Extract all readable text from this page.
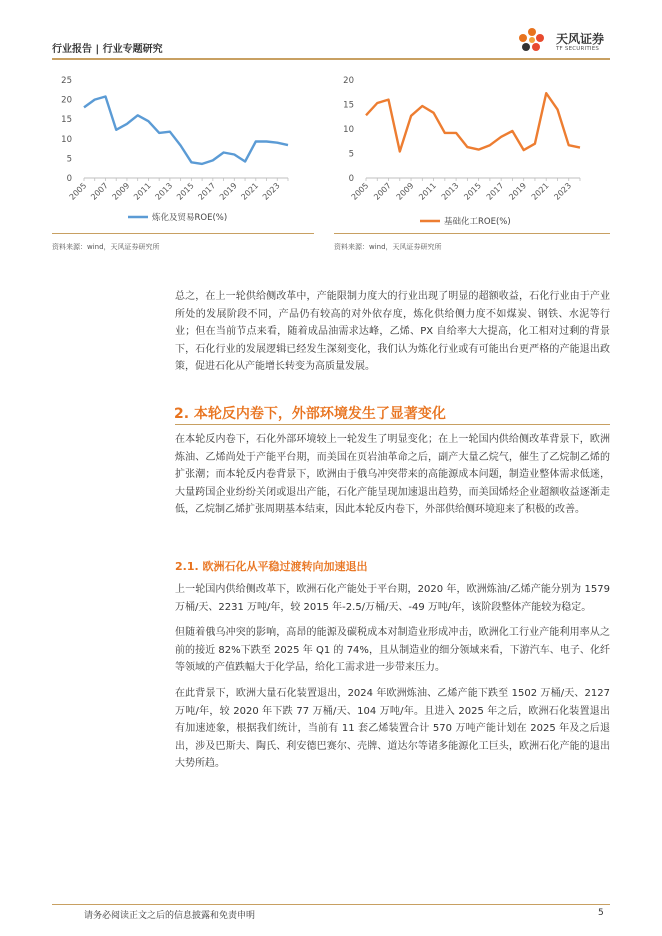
行业报告 | 行业专题研究
天风证券
TF SECURITIES
0
5
10
15
20
25
2005 2007 2009 2011 2013 2015 2017 2019 2021 2023
炼化及贸易ROE(%)
0
5
10
15
20
2005 2007 2009 2011 2013 2015 2017 2019 2021 2023
基础化工ROE(%)
资料来源：wind，天风证券研究所	资料来源：wind，天风证券研究所

总之，在上一轮供给侧改革中，产能限制力度大的行业出现了明显的超额收益，石化行业由于产业所处的发展阶段不同，产品仍有较高的对外依存度，炼化供给侧力度不如煤炭、钢铁、水泥等行业；但在当前节点来看，随着成品油需求达峰，乙烯、PX 自给率大大提高，化工相对过剩的背景下，石化行业的发展逻辑已经发生深刻变化，我们认为炼化行业或有可能出台更严格的产能退出政策，促进石化从产能增长转变为高质量发展。

2. 本轮反内卷下，外部环境发生了显著变化

在本轮反内卷下，石化外部环境较上一轮发生了明显变化；在上一轮国内供给侧改革背景下，欧洲炼油、乙烯尚处于产能平台期，而美国在页岩油革命之后，副产大量乙烷气，催生了乙烷制乙烯的扩张潮；而本轮反内卷背景下，欧洲由于俄乌冲突带来的高能源成本问题，制造业整体需求低迷，大量跨国企业纷纷关闭或退出产能，石化产能呈现加速退出趋势，而美国烯烃企业超额收益逐渐走低，乙烷制乙烯扩张周期基本结束，因此本轮反内卷下，外部供给侧环境迎来了积极的改善。

2.1. 欧洲石化从平稳过渡转向加速退出

上一轮国内供给侧改革下，欧洲石化产能处于平台期，2020 年，欧洲炼油/乙烯产能分别为 1579 万桶/天、2231 万吨/年，较 2015 年-2.5/万桶/天、-49 万吨/年，该阶段整体产能较为稳定。

但随着俄乌冲突的影响，高昂的能源及碳税成本对制造业形成冲击，欧洲化工行业产能利用率从之前的接近 82%下跌至 2025 年 Q1 的 74%，且从制造业的细分领域来看，下游汽车、电子、化纤等领域的产值跌幅大于化学品，给化工需求进一步带来压力。

在此背景下，欧洲大量石化装置退出，2024 年欧洲炼油、乙烯产能下跌至 1502 万桶/天、2127 万吨/年，较 2020 年下跌 77 万桶/天、104 万吨/年。且进入 2025 年之后，欧洲石化装置退出有加速迹象，根据我们统计，当前有 11 套乙烯装置合计 570 万吨产能计划在 2025 年及之后退出，涉及巴斯夫、陶氏、利安德巴赛尔、壳牌、道达尔等诸多能源化工巨头，欧洲石化产能的退出大势所趋。

请务必阅读正文之后的信息披露和免责申明	5
